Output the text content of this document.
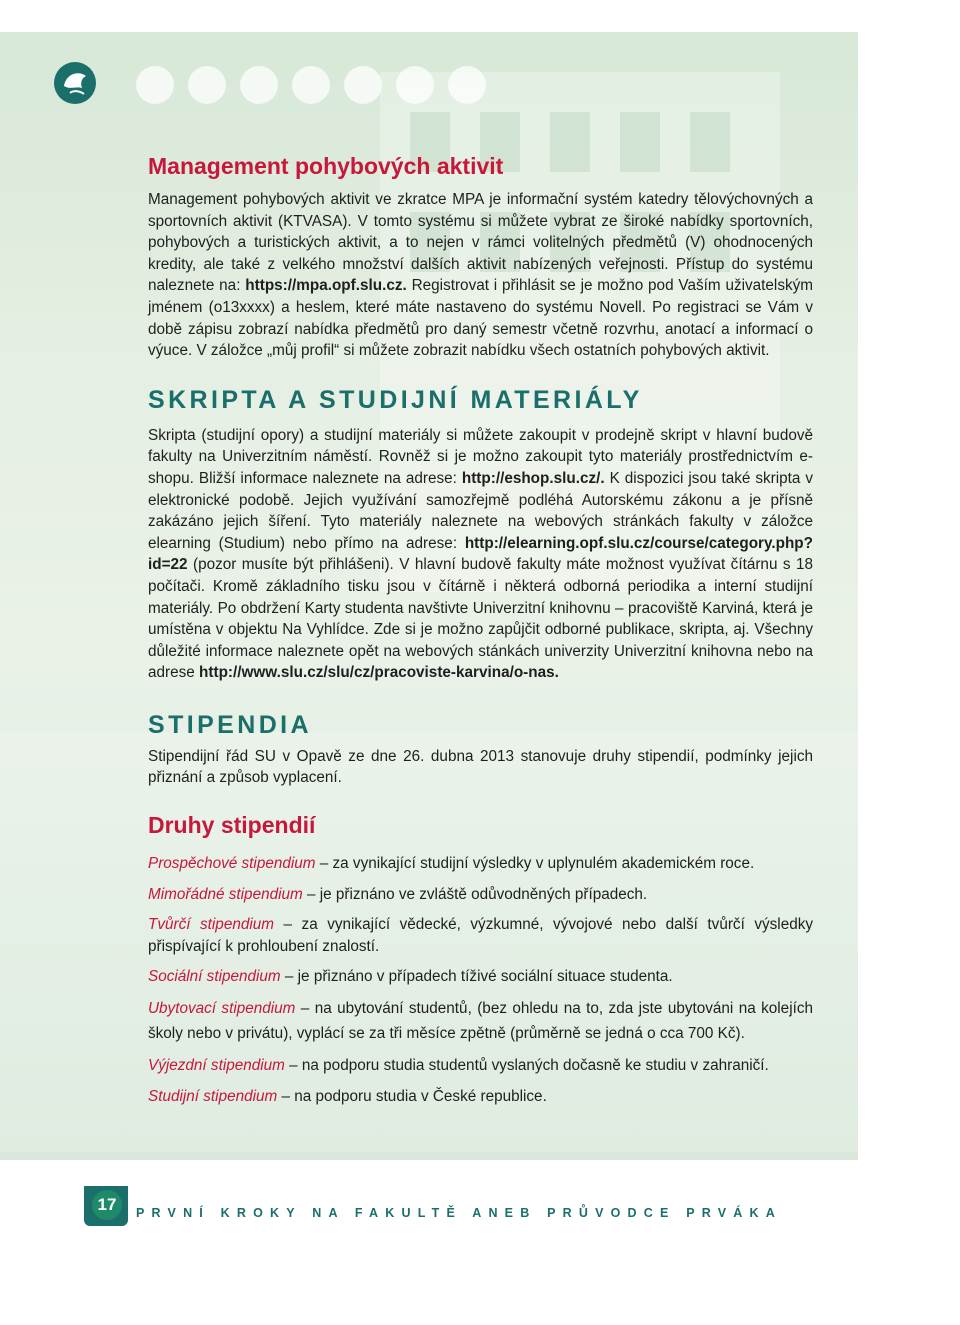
Management pohybových aktivit

Management pohybových aktivit ve zkratce MPA je informační systém katedry tělovýchovných a sportovních aktivit (KTVASA). V tomto systému si můžete vybrat ze široké nabídky sportovních, pohybových a turistických aktivit, a to nejen v rámci volitelných předmětů (V) ohodnocených kredity, ale také z velkého množství dalších aktivit nabízených veřejnosti. Přístup do systému naleznete na: https://mpa.opf.slu.cz. Registrovat i přihlásit se je možno pod Vaším uživatelským jménem (o13xxxx) a heslem, které máte nastaveno do systému Novell. Po registraci se Vám v době zápisu zobrazí nabídka předmětů pro daný semestr včetně rozvrhu, anotací a informací o výuce. V záložce „můj profil“ si můžete zobrazit nabídku všech ostatních pohybových aktivit.

SKRIPTA A STUDIJNÍ MATERIÁLY

Skripta (studijní opory) a studijní materiály si můžete zakoupit v prodejně skript v hlavní budově fakulty na Univerzitním náměstí. Rovněž si je možno zakoupit tyto materiály prostřednictvím e-shopu. Bližší informace naleznete na adrese: http://eshop.slu.cz/. K dispozici jsou také skripta v elektronické podobě. Jejich využívání samozřejmě podléhá Autorskému zákonu a je přísně zakázáno jejich šíření. Tyto materiály naleznete na webových stránkách fakulty v záložce elearning (Studium) nebo přímo na adrese: http://elearning.opf.slu.cz/course/category.php?id=22 (pozor musíte být přihlášeni). V hlavní budově fakulty máte možnost využívat čítárnu s 18 počítači. Kromě základního tisku jsou v čítárně i některá odborná periodika a interní studijní materiály. Po obdržení Karty studenta navštivte Univerzitní knihovnu – pracoviště Karviná, která je umístěna v objektu Na Vyhlídce. Zde si je možno zapůjčit odborné publikace, skripta, aj. Všechny důležité informace naleznete opět na webových stánkách univerzity Univerzitní knihovna nebo na adrese http://www.slu.cz/slu/cz/pracoviste-karvina/o-nas.

STIPENDIA

Stipendijní řád SU v Opavě ze dne 26. dubna 2013 stanovuje druhy stipendií, podmínky jejich přiznání a způsob vyplacení.

Druhy stipendií

Prospěchové stipendium – za vynikající studijní výsledky v uplynulém akademickém roce.

Mimořádné stipendium – je přiznáno ve zvláště odůvodněných případech.

Tvůrčí stipendium – za vynikající vědecké, výzkumné, vývojové nebo další tvůrčí výsledky přispívající k prohloubení znalostí.

Sociální stipendium – je přiznáno v případech tíživé sociální situace studenta.

Ubytovací stipendium – na ubytování studentů, (bez ohledu na to, zda jste ubytováni na kolejích školy nebo v privátu), vyplácí se za tři měsíce zpětně (průměrně se jedná o cca 700 Kč).

Výjezdní stipendium – na podporu studia studentů vyslaných dočasně ke studiu v zahraničí.

Studijní stipendium – na podporu studia v České republice.

17	PRVNÍ KROKY NA FAKULTĚ ANEB PRŮVODCE PRVÁKA
